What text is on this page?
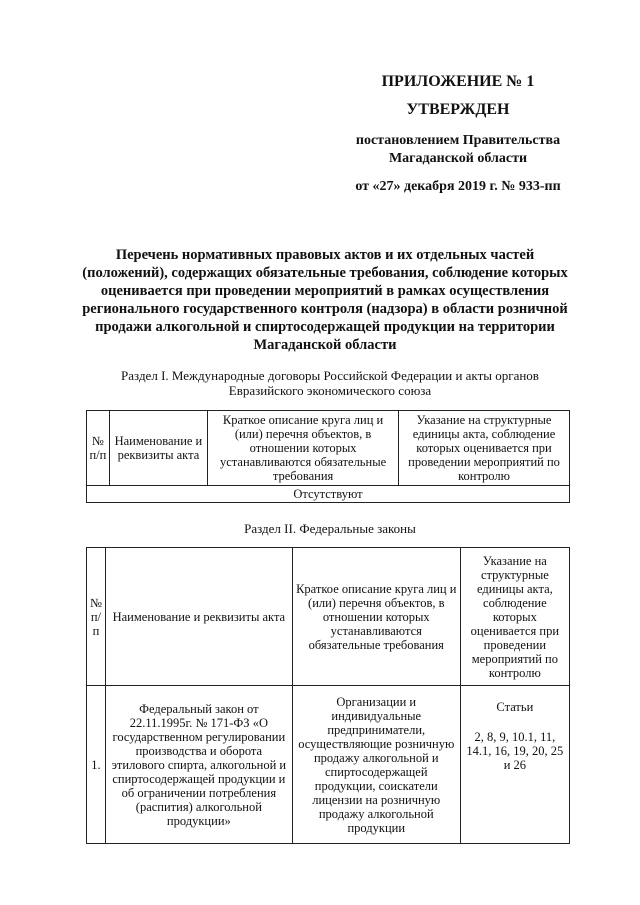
ПРИЛОЖЕНИЕ № 1
УТВЕРЖДЕН
постановлением Правительства
Магаданской области
от «27» декабря 2019 г. № 933-пп
Перечень нормативных правовых актов и их отдельных частей (положений), содержащих обязательные требования, соблюдение которых оценивается при проведении мероприятий в рамках осуществления регионального государственного контроля (надзора) в области розничной продажи алкогольной и спиртосодержащей продукции на территории Магаданской области
Раздел I. Международные договоры Российской Федерации и акты органов Евразийского экономического союза
№ п/п	Наименование и реквизиты акта	Краткое описание круга лиц и (или) перечня объектов, в отношении которых устанавливаются обязательные требования	Указание на структурные единицы акта, соблюдение которых оценивается при проведении мероприятий по контролю
Отсутствуют
Раздел II. Федеральные законы
№ п/п	Наименование и реквизиты акта	Краткое описание круга лиц и (или) перечня объектов, в отношении которых устанавливаются обязательные требования	Указание на структурные единицы акта, соблюдение которых оценивается при проведении мероприятий по контролю
1.	Федеральный закон от 22.11.1995г. № 171-ФЗ «О государственном регулировании производства и оборота этилового спирта, алкогольной и спиртосодержащей продукции и об ограничении потребления (распития) алкогольной продукции»	Организации и индивидуальные предприниматели, осуществляющие розничную продажу алкогольной и спиртосодержащей продукции, соискатели лицензии на розничную продажу алкогольной продукции	Статьи
2, 8, 9, 10.1, 11, 14.1, 16, 19, 20, 25 и 26
